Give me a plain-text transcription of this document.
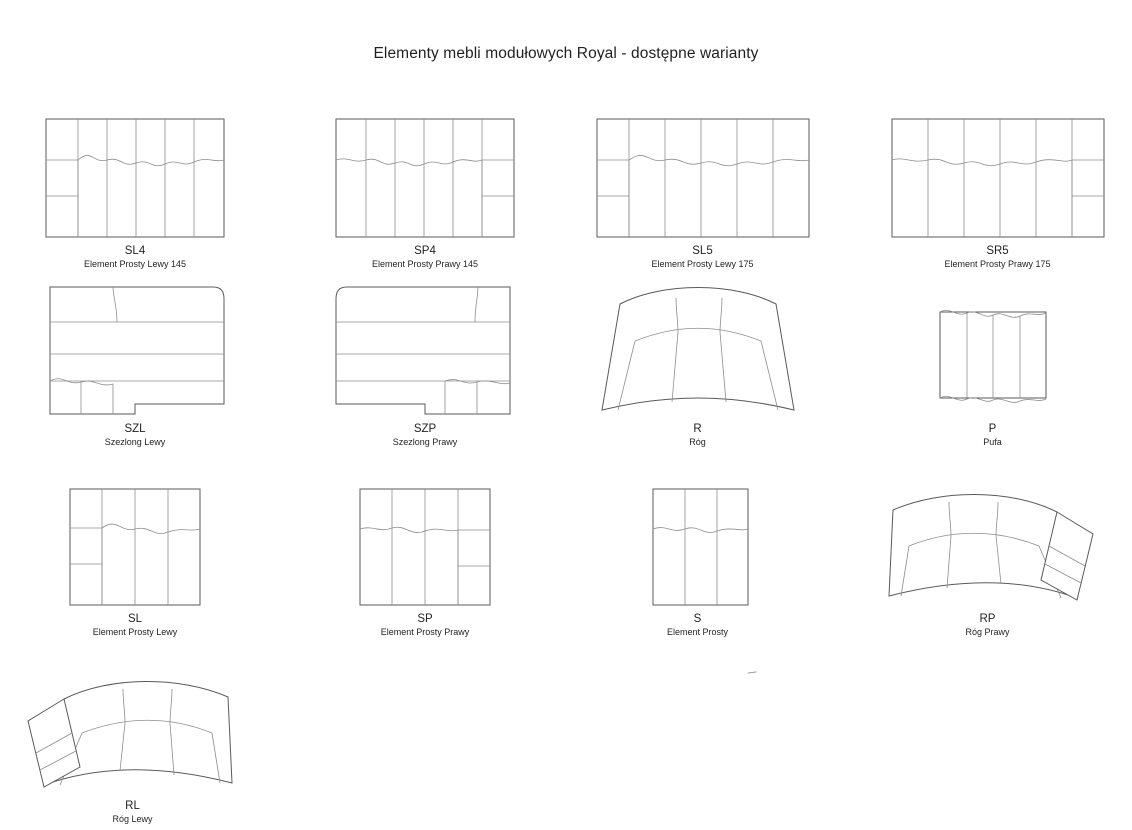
Elementy mebli modułowych Royal - dostępne warianty
SL4
Element Prosty Lewy 145
SP4
Element Prosty Prawy 145
SL5
Element Prosty Lewy 175
SR5
Element Prosty Prawy 175
SZL
Szezlong Lewy
SZP
Szezlong Prawy
R
Róg
P
Pufa
SL
Element Prosty Lewy
SP
Element Prosty Prawy
S
Element Prosty
RP
Róg Prawy
RL
Róg Lewy
